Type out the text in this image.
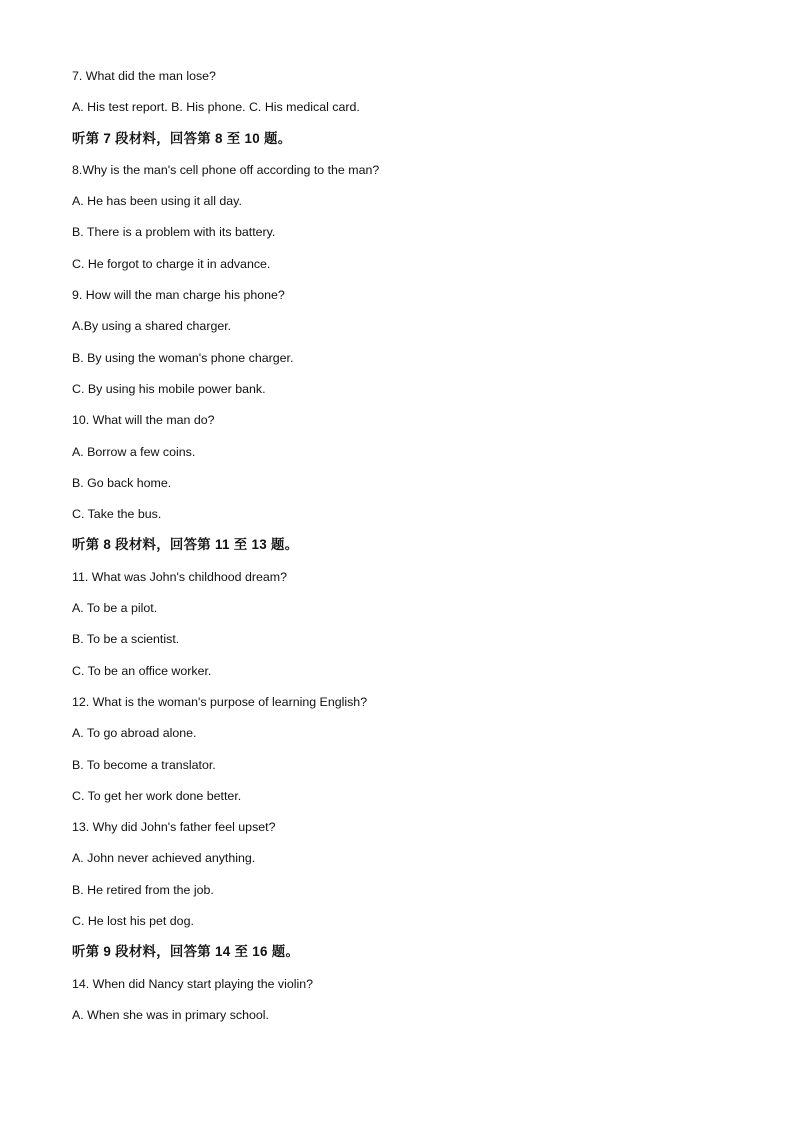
7. What did the man lose?
A. His test report. B. His phone. C. His medical card.
听第 7 段材料，回答第 8 至 10 题。
8.Why is the man's cell phone off according to the man?
A. He has been using it all day.
B. There is a problem with its battery.
C. He forgot to charge it in advance.
9. How will the man charge his phone?
A.By using a shared charger.
B. By using the woman's phone charger.
C. By using his mobile power bank.
10. What will the man do?
A. Borrow a few coins.
B. Go back home.
C. Take the bus.
听第 8 段材料，回答第 11 至 13 题。
11. What was John's childhood dream?
A. To be a pilot.
B. To be a scientist.
C. To be an office worker.
12. What is the woman's purpose of learning English?
A. To go abroad alone.
B. To become a translator.
C. To get her work done better.
13. Why did John's father feel upset?
A. John never achieved anything.
B. He retired from the job.
C. He lost his pet dog.
听第 9 段材料，回答第 14 至 16 题。
14. When did Nancy start playing the violin?
A. When she was in primary school.
